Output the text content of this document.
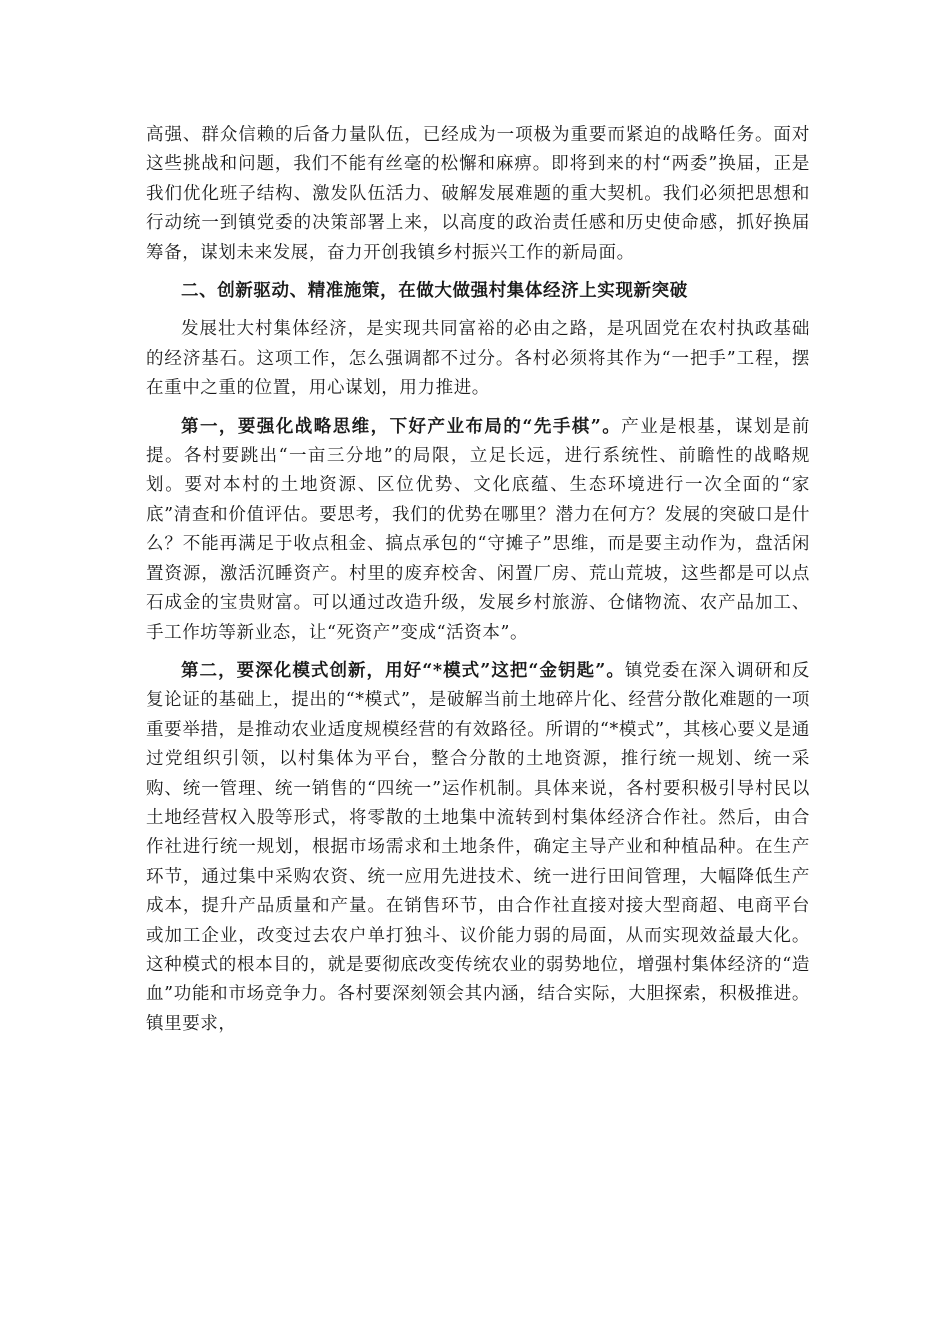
高强、群众信赖的后备力量队伍，已经成为一项极为重要而紧迫的战略任务。面对这些挑战和问题，我们不能有丝毫的松懈和麻痹。即将到来的村“两委”换届，正是我们优化班子结构、激发队伍活力、破解发展难题的重大契机。我们必须把思想和行动统一到镇党委的决策部署上来，以高度的政治责任感和历史使命感，抓好换届筹备，谋划未来发展，奋力开创我镇乡村振兴工作的新局面。

二、创新驱动、精准施策，在做大做强村集体经济上实现新突破

发展壮大村集体经济，是实现共同富裕的必由之路，是巩固党在农村执政基础的经济基石。这项工作，怎么强调都不过分。各村必须将其作为“一把手”工程，摆在重中之重的位置，用心谋划，用力推进。

第一，要强化战略思维，下好产业布局的“先手棋”。产业是根基，谋划是前提。各村要跳出“一亩三分地”的局限，立足长远，进行系统性、前瞻性的战略规划。要对本村的土地资源、区位优势、文化底蕴、生态环境进行一次全面的“家底”清查和价值评估。要思考，我们的优势在哪里？潜力在何方？发展的突破口是什么？不能再满足于收点租金、搞点承包的“守摊子”思维，而是要主动作为，盘活闲置资源，激活沉睡资产。村里的废弃校舍、闲置厂房、荒山荒坡，这些都是可以点石成金的宝贵财富。可以通过改造升级，发展乡村旅游、仓储物流、农产品加工、手工作坊等新业态，让“死资产”变成“活资本”。

第二，要深化模式创新，用好“*模式”这把“金钥匙”。镇党委在深入调研和反复论证的基础上，提出的“*模式”，是破解当前土地碎片化、经营分散化难题的一项重要举措，是推动农业适度规模经营的有效路径。所谓的“*模式”，其核心要义是通过党组织引领，以村集体为平台，整合分散的土地资源，推行统一规划、统一采购、统一管理、统一销售的“四统一”运作机制。具体来说，各村要积极引导村民以土地经营权入股等形式，将零散的土地集中流转到村集体经济合作社。然后，由合作社进行统一规划，根据市场需求和土地条件，确定主导产业和种植品种。在生产环节，通过集中采购农资、统一应用先进技术、统一进行田间管理，大幅降低生产成本，提升产品质量和产量。在销售环节，由合作社直接对接大型商超、电商平台或加工企业，改变过去农户单打独斗、议价能力弱的局面，从而实现效益最大化。这种模式的根本目的，就是要彻底改变传统农业的弱势地位，增强村集体经济的“造血”功能和市场竞争力。各村要深刻领会其内涵，结合实际，大胆探索，积极推进。镇里要求，
